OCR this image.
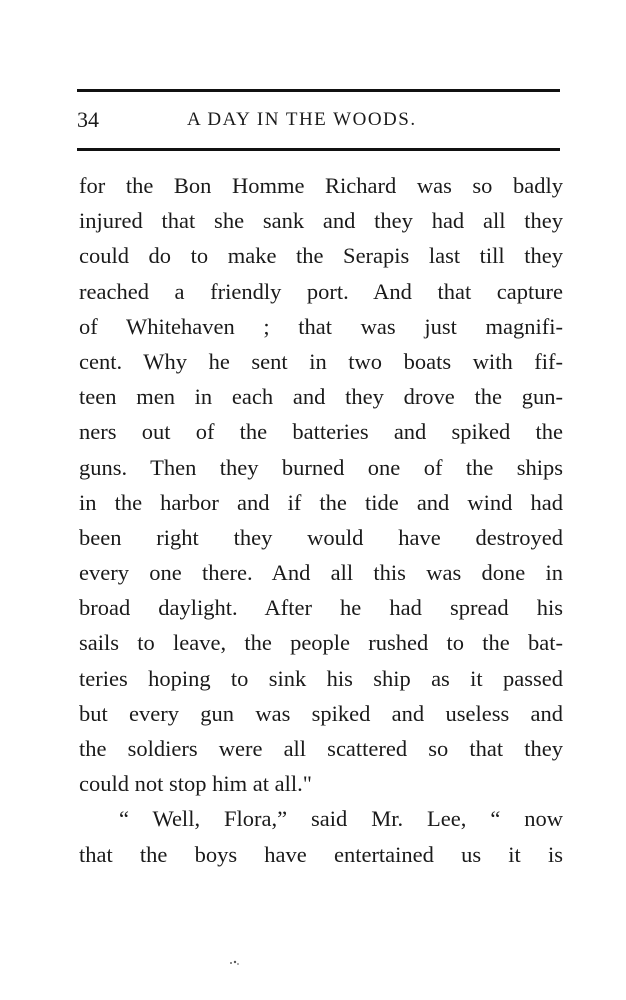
34	A DAY IN THE WOODS.
for the Bon Homme Richard was so badly
injured that she sank and they had all they
could do to make the Serapis last till they
reached a friendly port. And that capture
of Whitehaven ; that was just magnifi-
cent. Why he sent in two boats with fif-
teen men in each and they drove the gun-
ners out of the batteries and spiked the
guns. Then they burned one of the ships
in the harbor and if the tide and wind had
been right they would have destroyed
every one there. And all this was done in
broad daylight. After he had spread his
sails to leave, the people rushed to the bat-
teries hoping to sink his ship as it passed
but every gun was spiked and useless and
the soldiers were all scattered so that they
could not stop him at all."
“ Well, Flora,” said Mr. Lee, “ now
that the boys have entertained us it is
